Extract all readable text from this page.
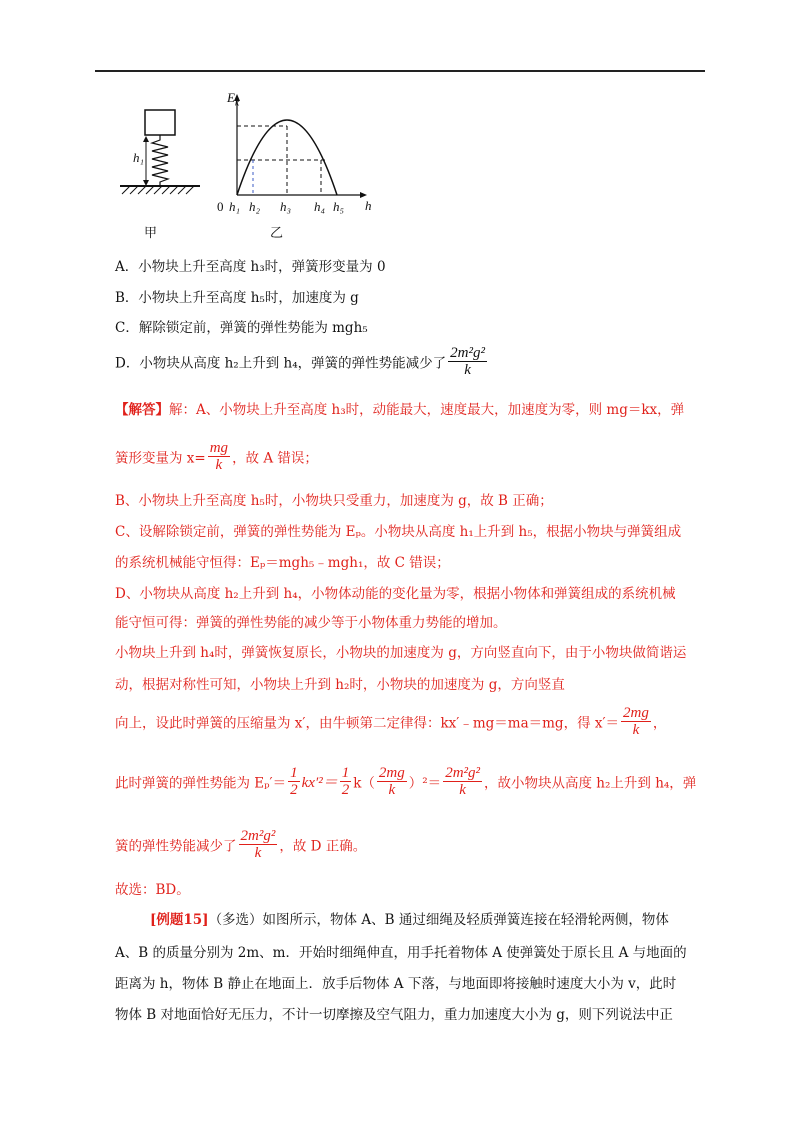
h₁
甲
$E_k$
h
0 h₁ h₂ h₃ h₄ h₅
乙
A．小物块上升至高度 h₃时，弹簧形变量为 0
B．小物块上升至高度 h₅时，加速度为 g
C．解除锁定前，弹簧的弹性势能为 mgh₅
D．小物块从高度 h₂上升到 h₄，弹簧的弹性势能减少了 $\frac{\text{2m²g²}}{k}$
【解答】解：A、小物块上升至高度 h₃时，动能最大，速度最大，加速度为零，则 mg＝kx，弹
簧形变量为 $x= \frac{mg}{k}$ ，故 A 错误；
B、小物块上升至高度 h₅时，小物块只受重力，加速度为 g，故 B 正确；
C、设解除锁定前，弹簧的弹性势能为 Eₚ。小物块从高度 h₁上升到 h₅，根据小物块与弹簧组成
的系统机械能守恒得：Eₚ＝mgh₅﹣mgh₁，故 C 错误；
D、小物块从高度 h₂上升到 h₄，小物体动能的变化量为零，根据小物体和弹簧组成的系统机械
能守恒可得：弹簧的弹性势能的减少等于小物体重力势能的增加。
小物块上升到 h₄时，弹簧恢复原长，小物块的加速度为 g，方向竖直向下，由于小物块做简谐运
动，根据对称性可知，小物块上升到 h₂时，小物块的加速度为 g，方向竖直
向上，设此时弹簧的压缩量为 x′，由牛顿第二定律得：kx′﹣mg＝ma＝mg，得 $x'= \frac{2mg}{k}$ ，
此时弹簧的弹性势能为 $E_p'= \frac{1}{2} kx'^2= \frac{1}{2} k( \frac{2mg}{k} )^2= \frac{\text{2m²g²}}{k}$ ，故小物块从高度 h₂上升到 h₄，弹
簧的弹性势能减少了 $\frac{\text{2m²g²}}{k}$ ，故 D 正确。
故选：BD。
[例题15]（多选）如图所示，物体 A、B 通过细绳及轻质弹簧连接在轻滑轮两侧，物体
A、B 的质量分别为 2m、m．开始时细绳伸直，用手托着物体 A 使弹簧处于原长且 A 与地面的
距离为 h，物体 B 静止在地面上．放手后物体 A 下落，与地面即将接触时速度大小为 v，此时
物体 B 对地面恰好无压力，不计一切摩擦及空气阻力，重力加速度大小为 g，则下列说法中正
